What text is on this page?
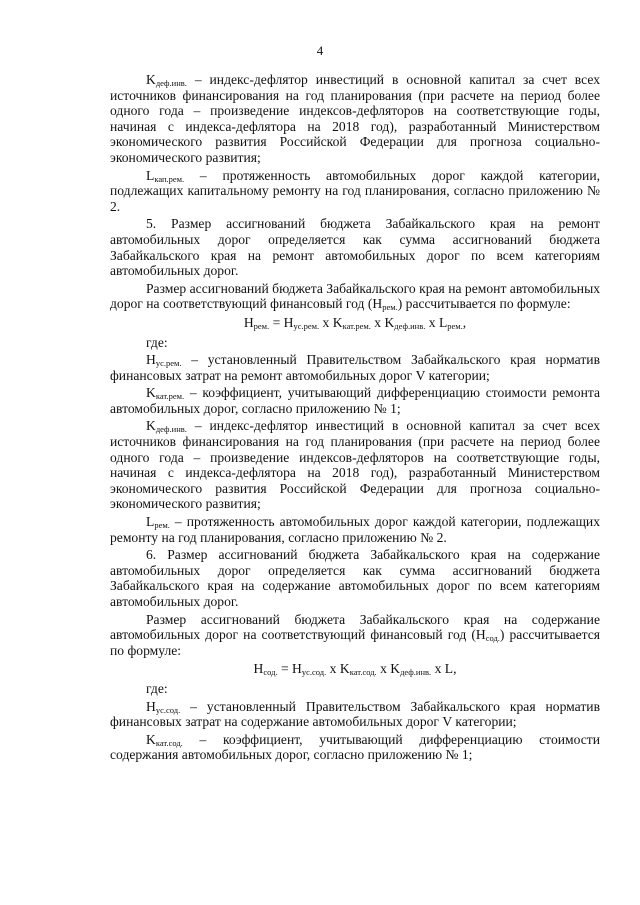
4

$K_{деф.инв.}$ – индекс-дефлятор инвестиций в основной капитал за счет всех источников финансирования на год планирования (при расчете на период более одного года – произведение индексов-дефляторов на соответствующие годы, начиная с индекса-дефлятора на 2018 год), разработанный Министерством экономического развития Российской Федерации для прогноза социально-экономического развития;

$L_{кап.рем.}$ – протяженность автомобильных дорог каждой категории, подлежащих капитальному ремонту на год планирования, согласно приложению № 2.

5. Размер ассигнований бюджета Забайкальского края на ремонт автомобильных дорог определяется как сумма ассигнований бюджета Забайкальского края на ремонт автомобильных дорог по всем категориям автомобильных дорог.

Размер ассигнований бюджета Забайкальского края на ремонт автомобильных дорог на соответствующий финансовый год $(H_{рем.})$ рассчитывается по формуле:

$H_{рем.} = H_{ус.рем.}$ x $K_{кат.рем.}$ x $K_{деф.инв.}$ x $L_{рем.}$,

где:

$H_{ус.рем.}$ – установленный Правительством Забайкальского края норматив финансовых затрат на ремонт автомобильных дорог V категории;

$K_{кат.рем.}$ – коэффициент, учитывающий дифференциацию стоимости ремонта автомобильных дорог, согласно приложению № 1;

$K_{деф.инв.}$ – индекс-дефлятор инвестиций в основной капитал за счет всех источников финансирования на год планирования (при расчете на период более одного года – произведение индексов-дефляторов на соответствующие годы, начиная с индекса-дефлятора на 2018 год), разработанный Министерством экономического развития Российской Федерации для прогноза социально-экономического развития;

$L_{рем.}$ – протяженность автомобильных дорог каждой категории, подлежащих ремонту на год планирования, согласно приложению № 2.

6. Размер ассигнований бюджета Забайкальского края на содержание автомобильных дорог определяется как сумма ассигнований бюджета Забайкальского края на содержание автомобильных дорог по всем категориям автомобильных дорог.

Размер ассигнований бюджета Забайкальского края на содержание автомобильных дорог на соответствующий финансовый год $(H_{сод.})$ рассчитывается по формуле:

$H_{сод.} = H_{ус.сод.}$ x $K_{кат.сод.}$ x $K_{деф.инв.}$ x L,

где:

$H_{ус.сод.}$ – установленный Правительством Забайкальского края норматив финансовых затрат на содержание автомобильных дорог V категории;

$K_{кат.сод.}$ – коэффициент, учитывающий дифференциацию стоимости содержания автомобильных дорог, согласно приложению № 1;
